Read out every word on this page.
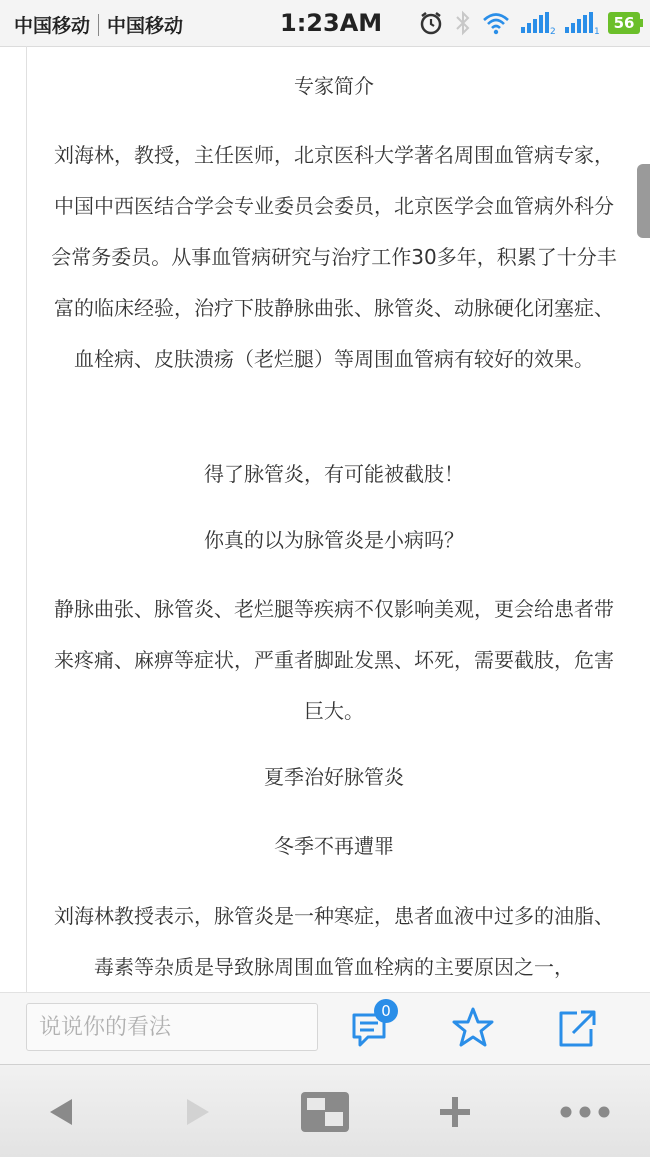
中国移动 中国移动	1:23AM	2	1 56

专家简介

刘海林，教授，主任医师，北京医科大学著名周围血管病专家，中国中西医结合学会专业委员会委员，北京医学会血管病外科分会常务委员。从事血管病研究与治疗工作30多年，积累了十分丰富的临床经验，治疗下肢静脉曲张、脉管炎、动脉硬化闭塞症、血栓病、皮肤溃疡（老烂腿）等周围血管病有较好的效果。

得了脉管炎，有可能被截肢！

你真的以为脉管炎是小病吗？

静脉曲张、脉管炎、老烂腿等疾病不仅影响美观，更会给患者带来疼痛、麻痹等症状，严重者脚趾发黑、坏死，需要截肢，危害巨大。

夏季治好脉管炎

冬季不再遭罪

刘海林教授表示，脉管炎是一种寒症，患者血液中过多的油脂、毒素等杂质是导致脉周围血管血栓病的主要原因之一，

说说你的看法
0
